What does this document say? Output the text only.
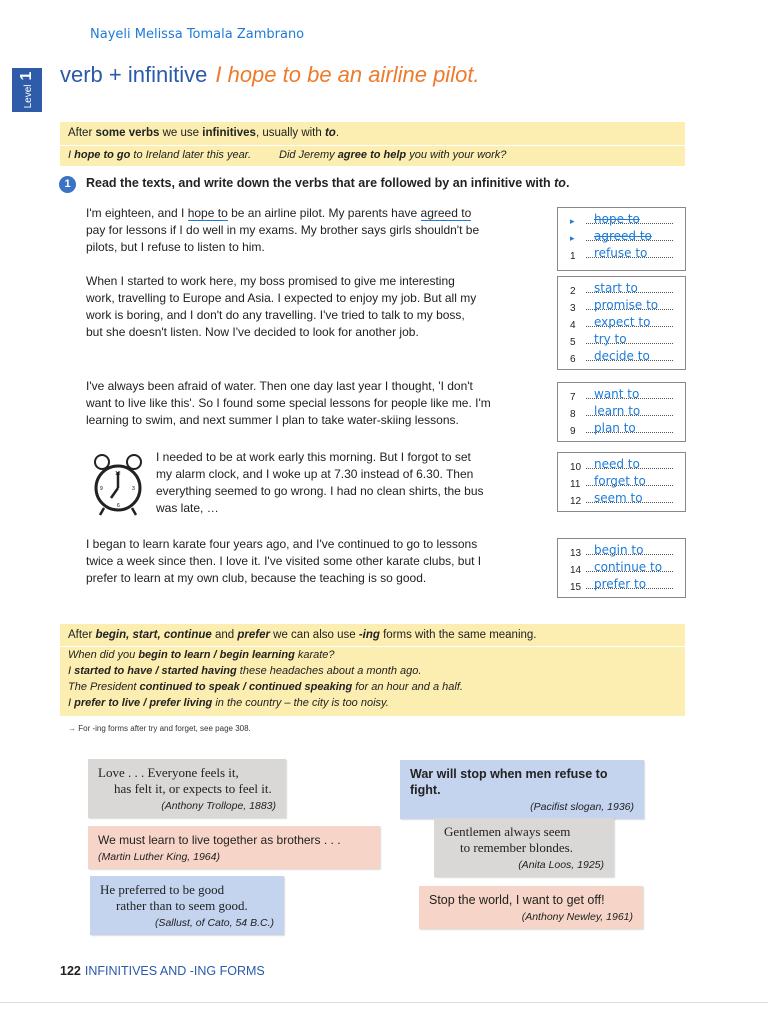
Nayeli Melissa Tomala Zambrano
Level1 verb + infinitive I hope to be an airline pilot.
After some verbs we use infinitives, usually with to.
I hope to go to Ireland later this year.	Did Jeremy agree to help you with your work?
1	Read the texts, and write down the verbs that are followed by an infinitive with to.
I'm eighteen, and I hope to be an airline pilot. My parents have agreed to
pay for lessons if I do well in my exams. My brother says girls shouldn't be
pilots, but I refuse to listen to him.
When I started to work here, my boss promised to give me interesting
work, travelling to Europe and Asia. I expected to enjoy my job. But all my
work is boring, and I don't do any travelling. I've tried to talk to my boss,
but she doesn't listen. Now I've decided to look for another job.
I've always been afraid of water. Then one day last year I thought, 'I don't
want to live like this'. So I found some special lessons for people like me. I'm
learning to swim, and next summer I plan to take water-skiing lessons.
12
3
6
9
I needed to be at work early this morning. But I forgot to set
my alarm clock, and I woke up at 7.30 instead of 6.30. Then
everything seemed to go wrong. I had no clean shirts, the bus
was late, …
I began to learn karate four years ago, and I've continued to go to lessons
twice a week since then. I love it. I've visited some other karate clubs, but I
prefer to learn at my own club, because the teaching is so good.
▸ hope to
▸ agreed to
1 refuse to
2 start to
3 promise to
4 expect to
5 try to
6 decide to
7 want to
8 learn to
9 plan to
10 need to
11 forget to
12 seem to
13 begin to
14 continue to
15 prefer to
After begin, start, continue and prefer we can also use -ing forms with the same meaning.
When did you begin to learn / begin learning karate?
I started to have / started having these headaches about a month ago.
The President continued to speak / continued speaking for an hour and a half.
I prefer to live / prefer living in the country – the city is too noisy.
→ For -ing forms after try and forget, see page 308.
Love . . . Everyone feels it,
has felt it, or expects to feel it.
(Anthony Trollope, 1883)
War will stop when men refuse to fight.
(Pacifist slogan, 1936)
We must learn to live together as brothers . . .
(Martin Luther King, 1964)
Gentlemen always seem
to remember blondes.
(Anita Loos, 1925)
He preferred to be good
rather than to seem good.
(Sallust, of Cato, 54 B.C.)
Stop the world, I want to get off!
(Anthony Newley, 1961)
122 INFINITIVES AND -ING FORMS
